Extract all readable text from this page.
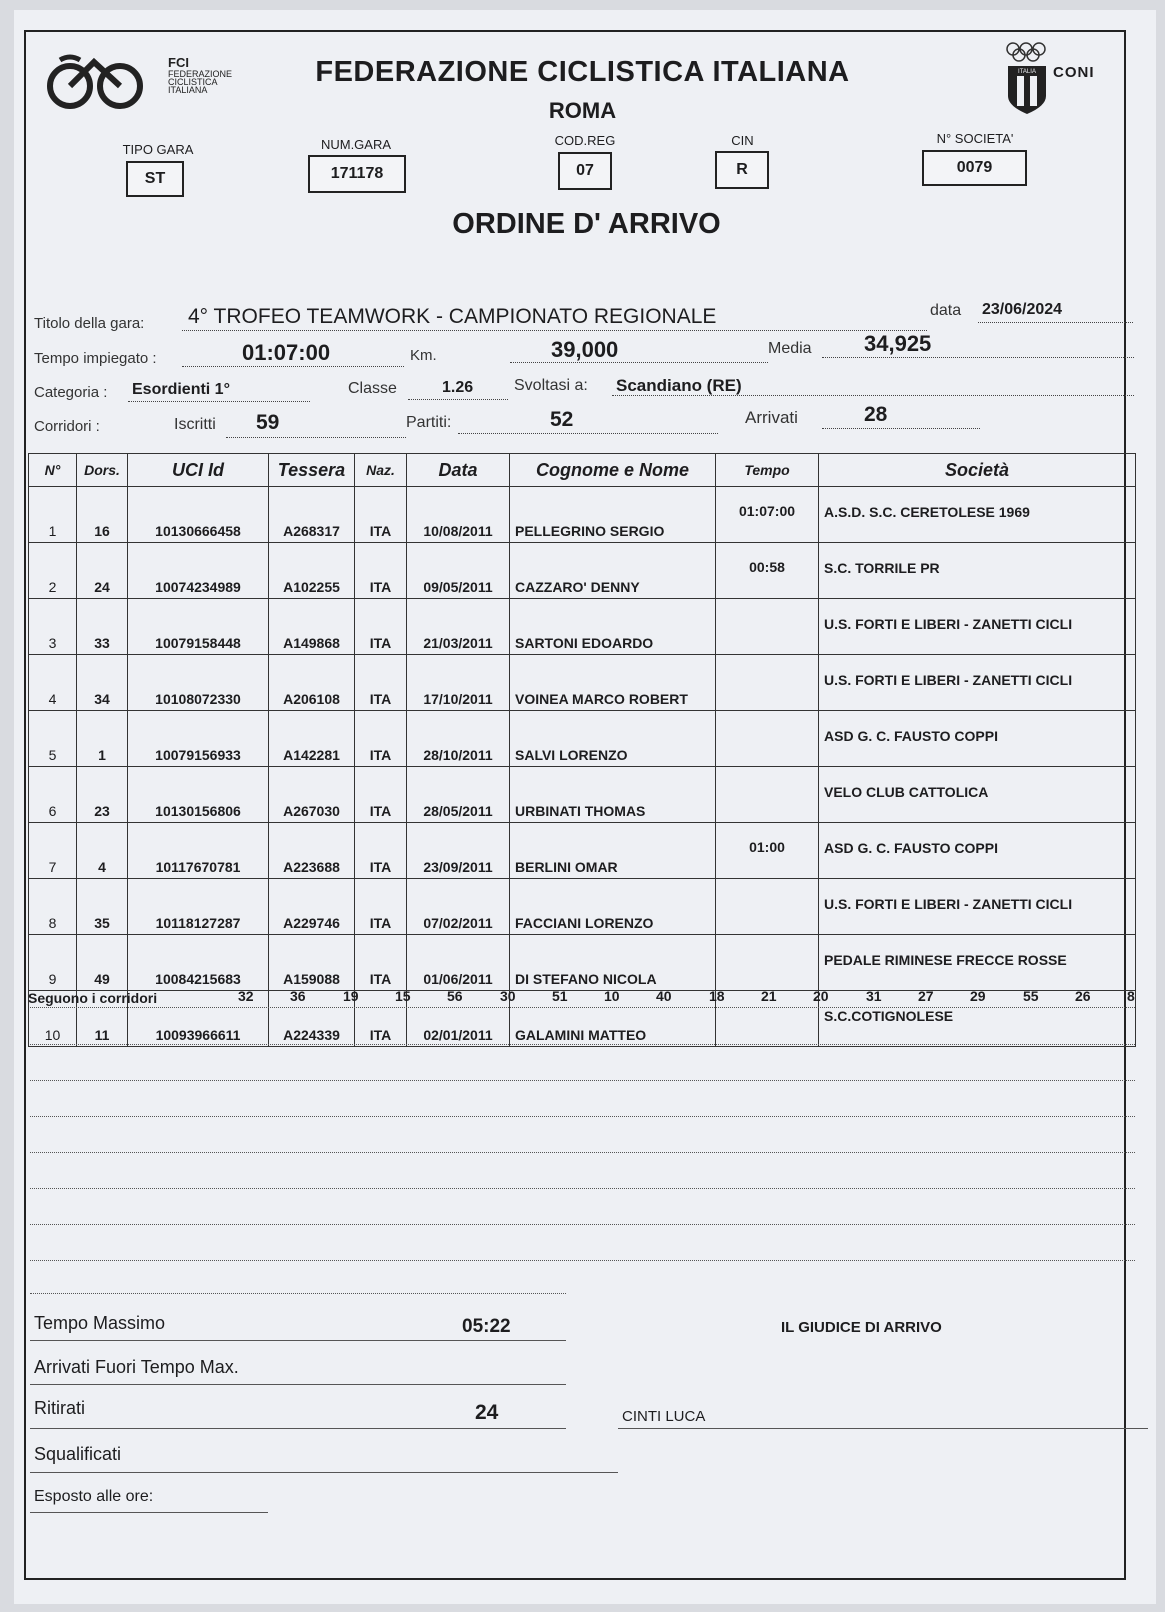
FCI
FEDERAZIONE
CICLISTICA
ITALIANA
FEDERAZIONE CICLISTICA ITALIANA
ROMA
ITALIA CONI
TIPO GARA
ST
NUM.GARA
171178
COD.REG
07
CIN
R
N° SOCIETA'
0079
ORDINE D' ARRIVO
Titolo della gara: 4° TROFEO TEAMWORK - CAMPIONATO REGIONALE	data 23/06/2024
Tempo impiegato :	01:07:00	Km.	39,000	Media 34,925
Categoria : Esordienti 1°	Classe	1.26	Svoltasi a: Scandiano (RE)
Corridori :	Iscritti 59	Partiti:	52	Arrivati	28
N°	Dors.	UCI Id	Tessera	Naz.	Data	Cognome e Nome	Tempo	Società
1	16	10130666458	A268317	ITA	10/08/2011	PELLEGRINO SERGIO	01:07:00	A.S.D. S.C. CERETOLESE 1969
2	24	10074234989	A102255	ITA	09/05/2011	CAZZARO' DENNY	00:58	S.C. TORRILE PR
3	33	10079158448	A149868	ITA	21/03/2011	SARTONI EDOARDO		U.S. FORTI E LIBERI - ZANETTI CICLI
4	34	10108072330	A206108	ITA	17/10/2011	VOINEA MARCO ROBERT		U.S. FORTI E LIBERI - ZANETTI CICLI
5	1	10079156933	A142281	ITA	28/10/2011	SALVI LORENZO		ASD G. C. FAUSTO COPPI
6	23	10130156806	A267030	ITA	28/05/2011	URBINATI THOMAS		VELO CLUB CATTOLICA
7	4	10117670781	A223688	ITA	23/09/2011	BERLINI OMAR	01:00	ASD G. C. FAUSTO COPPI
8	35	10118127287	A229746	ITA	07/02/2011	FACCIANI LORENZO		U.S. FORTI E LIBERI - ZANETTI CICLI
9	49	10084215683	A159088	ITA	01/06/2011	DI STEFANO NICOLA		PEDALE RIMINESE FRECCE ROSSE
10	11	10093966611	A224339	ITA	02/01/2011	GALAMINI MATTEO		S.C.COTIGNOLESE
Seguono i corridori	32	36	19	15	56	30	51	10	40	18	21	20	31	27	29	55	26	8
Tempo Massimo	05:22
Arrivati Fuori Tempo Max.
Ritirati	24
Squalificati
Esposto alle ore:
IL GIUDICE DI ARRIVO
CINTI LUCA
